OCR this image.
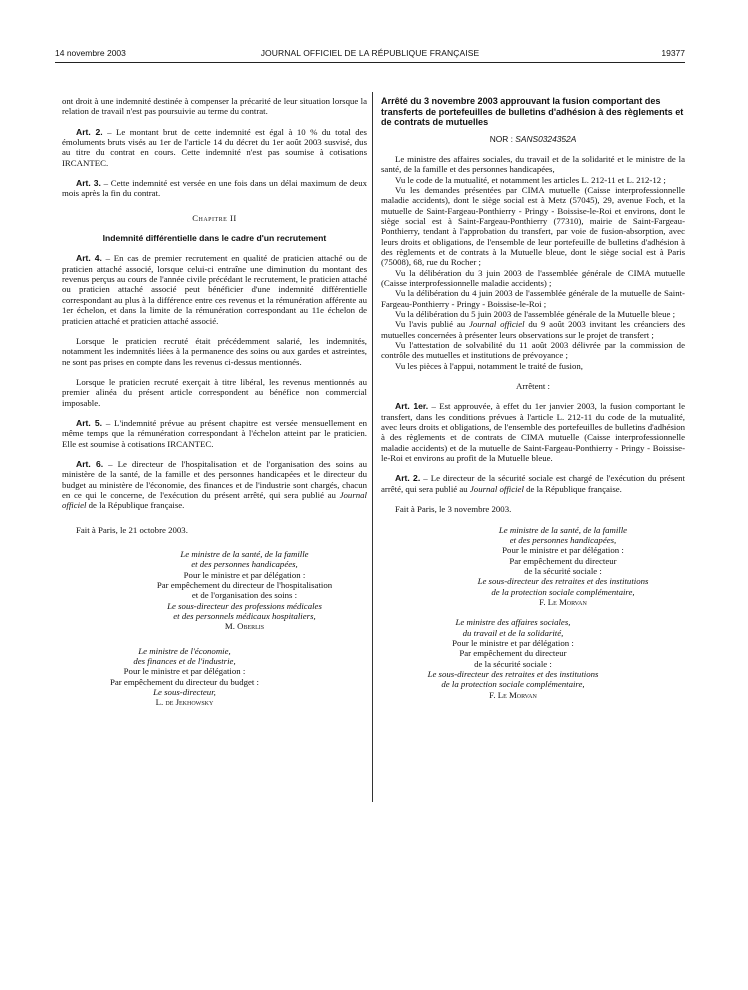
14 novembre 2003	JOURNAL OFFICIEL DE LA RÉPUBLIQUE FRANÇAISE	19377

ont droit à une indemnité destinée à compenser la précarité de leur situation lorsque la relation de travail n'est pas poursuivie au terme du contrat.

Art. 2. – Le montant brut de cette indemnité est égal à 10 % du total des émoluments bruts visés au 1er de l'article 14 du décret du 1er août 2003 susvisé, dus au titre du contrat en cours. Cette indemnité n'est pas soumise à cotisations IRCANTEC.

Art. 3. – Cette indemnité est versée en une fois dans un délai maximum de deux mois après la fin du contrat.

Chapitre II

Indemnité différentielle dans le cadre d'un recrutement

Art. 4. – En cas de premier recrutement en qualité de praticien attaché ou de praticien attaché associé, lorsque celui-ci entraîne une diminution du montant des revenus perçus au cours de l'année civile précédant le recrutement, le praticien attaché ou praticien attaché associé peut bénéficier d'une indemnité différentielle correspondant au plus à la différence entre ces revenus et la rémunération afférente au 1er échelon, et dans la limite de la rémunération correspondant au 11e échelon de praticien attaché et praticien attaché associé.

Lorsque le praticien recruté était précédemment salarié, les indemnités, notamment les indemnités liées à la permanence des soins ou aux gardes et astreintes, ne sont pas prises en compte dans les revenus ci-dessus mentionnés.

Lorsque le praticien recruté exerçait à titre libéral, les revenus mentionnés au premier alinéa du présent article correspondent au bénéfice non commercial imposable.

Art. 5. – L'indemnité prévue au présent chapitre est versée mensuellement en même temps que la rémunération correspondant à l'échelon atteint par le praticien. Elle est soumise à cotisations IRCANTEC.

Art. 6. – Le directeur de l'hospitalisation et de l'organisation des soins au ministère de la santé, de la famille et des personnes handicapées et le directeur du budget au ministère de l'économie, des finances et de l'industrie sont chargés, chacun en ce qui le concerne, de l'exécution du présent arrêté, qui sera publié au Journal officiel de la République française.

Fait à Paris, le 21 octobre 2003.

Le ministre de la santé, de la famille
et des personnes handicapées,
Pour le ministre et par délégation :
Par empêchement du directeur de l'hospitalisation
et de l'organisation des soins :
Le sous-directeur des professions médicales
et des personnels médicaux hospitaliers,
M. Oberlis
Le ministre de l'économie,
des finances et de l'industrie,
Pour le ministre et par délégation :
Par empêchement du directeur du budget :
Le sous-directeur,
L. de Jekhowsky

Arrêté du 3 novembre 2003 approuvant la fusion comportant des transferts de portefeuilles de bulletins d'adhésion à des règlements et de contrats de mutuelles

NOR : SANS0324352A

Le ministre des affaires sociales, du travail et de la solidarité et le ministre de la santé, de la famille et des personnes handicapées,

Vu le code de la mutualité, et notamment les articles L. 212-11 et L. 212-12 ;

Vu les demandes présentées par CIMA mutuelle (Caisse interprofessionnelle maladie accidents), dont le siège social est à Metz (57045), 29, avenue Foch, et la mutuelle de Saint-Fargeau-Ponthierry - Pringy - Boissise-le-Roi et environs, dont le siège social est à Saint-Fargeau-Ponthierry (77310), mairie de Saint-Fargeau-Ponthierry, tendant à l'approbation du transfert, par voie de fusion-absorption, avec leurs droits et obligations, de l'ensemble de leur portefeuille de bulletins d'adhésion à des règlements et de contrats à la Mutuelle bleue, dont le siège social est à Paris (75008), 68, rue du Rocher ;

Vu la délibération du 3 juin 2003 de l'assemblée générale de CIMA mutuelle (Caisse interprofessionnelle maladie accidents) ;

Vu la délibération du 4 juin 2003 de l'assemblée générale de la mutuelle de Saint-Fargeau-Ponthierry - Pringy - Boissise-le-Roi ;

Vu la délibération du 5 juin 2003 de l'assemblée générale de la Mutuelle bleue ;

Vu l'avis publié au Journal officiel du 9 août 2003 invitant les créanciers des mutuelles concernées à présenter leurs observations sur le projet de transfert ;

Vu l'attestation de solvabilité du 11 août 2003 délivrée par la commission de contrôle des mutuelles et institutions de prévoyance ;

Vu les pièces à l'appui, notamment le traité de fusion,

Arrêtent :

Art. 1er. – Est approuvée, à effet du 1er janvier 2003, la fusion comportant le transfert, dans les conditions prévues à l'article L. 212-11 du code de la mutualité, avec leurs droits et obligations, de l'ensemble des portefeuilles de bulletins d'adhésion à des règlements et de contrats de CIMA mutuelle (Caisse interprofessionnelle maladie accidents) et de la mutuelle de Saint-Fargeau-Ponthierry - Pringy - Boissise-le-Roi et environs au profit de la Mutuelle bleue.

Art. 2. – Le directeur de la sécurité sociale est chargé de l'exécution du présent arrêté, qui sera publié au Journal officiel de la République française.

Fait à Paris, le 3 novembre 2003.

Le ministre de la santé, de la famille
et des personnes handicapées,
Pour le ministre et par délégation :
Par empêchement du directeur
de la sécurité sociale :
Le sous-directeur des retraites et des institutions
de la protection sociale complémentaire,
F. Le Morvan
Le ministre des affaires sociales,
du travail et de la solidarité,
Pour le ministre et par délégation :
Par empêchement du directeur
de la sécurité sociale :
Le sous-directeur des retraites et des institutions
de la protection sociale complémentaire,
F. Le Morvan
